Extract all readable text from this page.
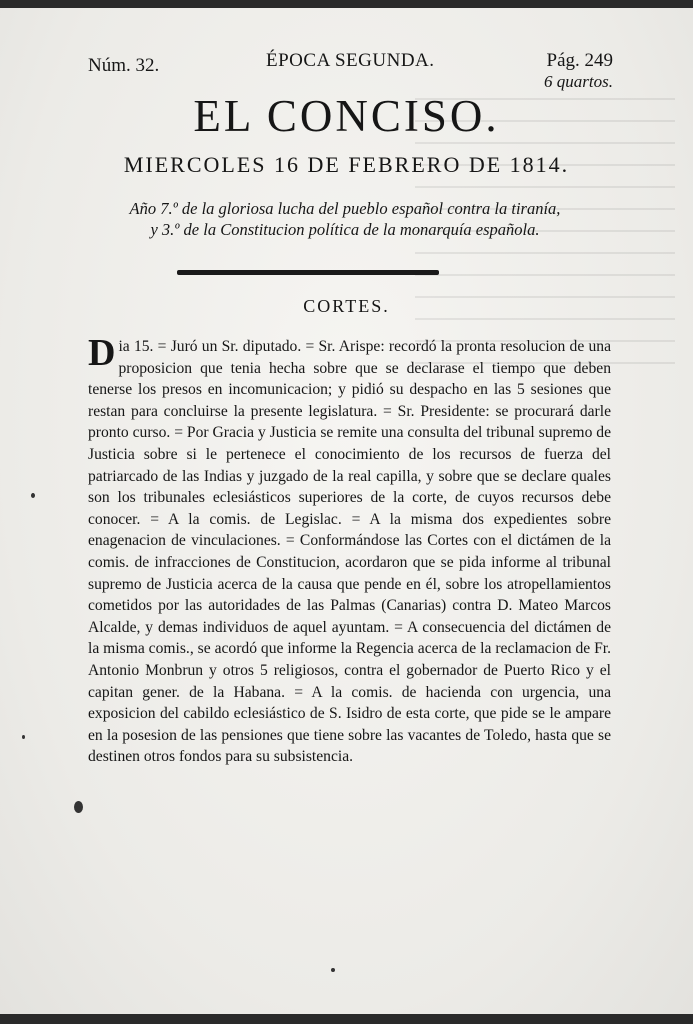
Núm. 32.	ÉPOCA SEGUNDA.	Pág. 249
6 quartos.
EL CONCISO.
MIERCOLES 16 DE FEBRERO DE 1814.
Año 7.º de la gloriosa lucha del pueblo español contra la tiranía,
y 3.º de la Constitucion política de la monarquía española.
CORTES.

Dia 15. = Juró un Sr. diputado. = Sr. Arispe: recordó la pronta resolucion de una proposicion que tenia hecha sobre que se declarase el tiempo que deben tenerse los presos en incomunicacion; y pidió su despacho en las 5 sesiones que restan para concluirse la presente legislatura. = Sr. Presidente: se procurará darle pronto curso. = Por Gracia y Justicia se remite una consulta del tribunal supremo de Justicia sobre si le pertenece el conocimiento de los recursos de fuerza del patriarcado de las Indias y juzgado de la real capilla, y sobre que se declare quales son los tribunales eclesiásticos superiores de la corte, de cuyos recursos debe conocer. = A la comis. de Legislac. = A la misma dos expedientes sobre enagenacion de vinculaciones. = Conformándose las Cortes con el dictámen de la comis. de infracciones de Constitucion, acordaron que se pida informe al tribunal supremo de Justicia acerca de la causa que pende en él, sobre los atropellamientos cometidos por las autoridades de las Palmas (Canarias) contra D. Mateo Marcos Alcalde, y demas individuos de aquel ayuntam. = A consecuencia del dictámen de la misma comis., se acordó que informe la Regencia acerca de la reclamacion de Fr. Antonio Monbrun y otros 5 religiosos, contra el gobernador de Puerto Rico y el capitan gener. de la Habana. = A la comis. de hacienda con urgencia, una exposicion del cabildo eclesiástico de S. Isidro de esta corte, que pide se le ampare en la posesion de las pensiones que tiene sobre las vacantes de Toledo, hasta que se destinen otros fondos para su subsistencia.
